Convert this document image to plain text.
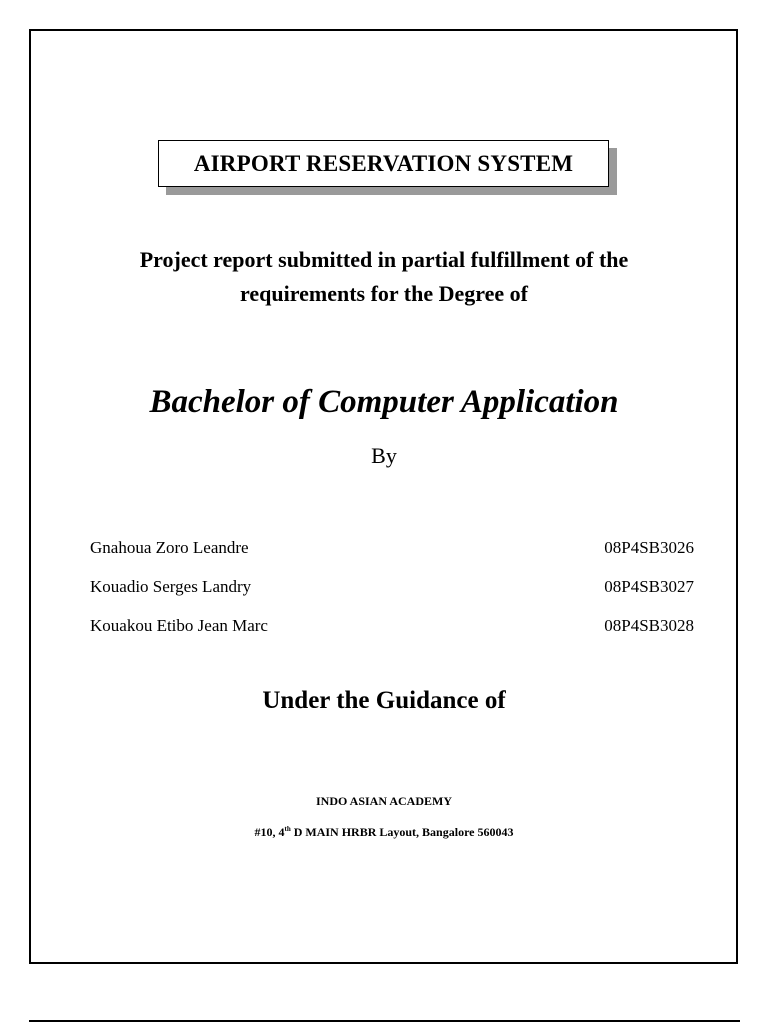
AIRPORT RESERVATION SYSTEM
Project report submitted in partial fulfillment of the
requirements for the Degree of
Bachelor of Computer Application
By
Gnahoua Zoro Leandre	08P4SB3026
Kouadio Serges Landry	08P4SB3027
Kouakou Etibo Jean Marc	08P4SB3028
Under the Guidance of
INDO ASIAN ACADEMY
#10, 4th D MAIN HRBR Layout, Bangalore 560043
